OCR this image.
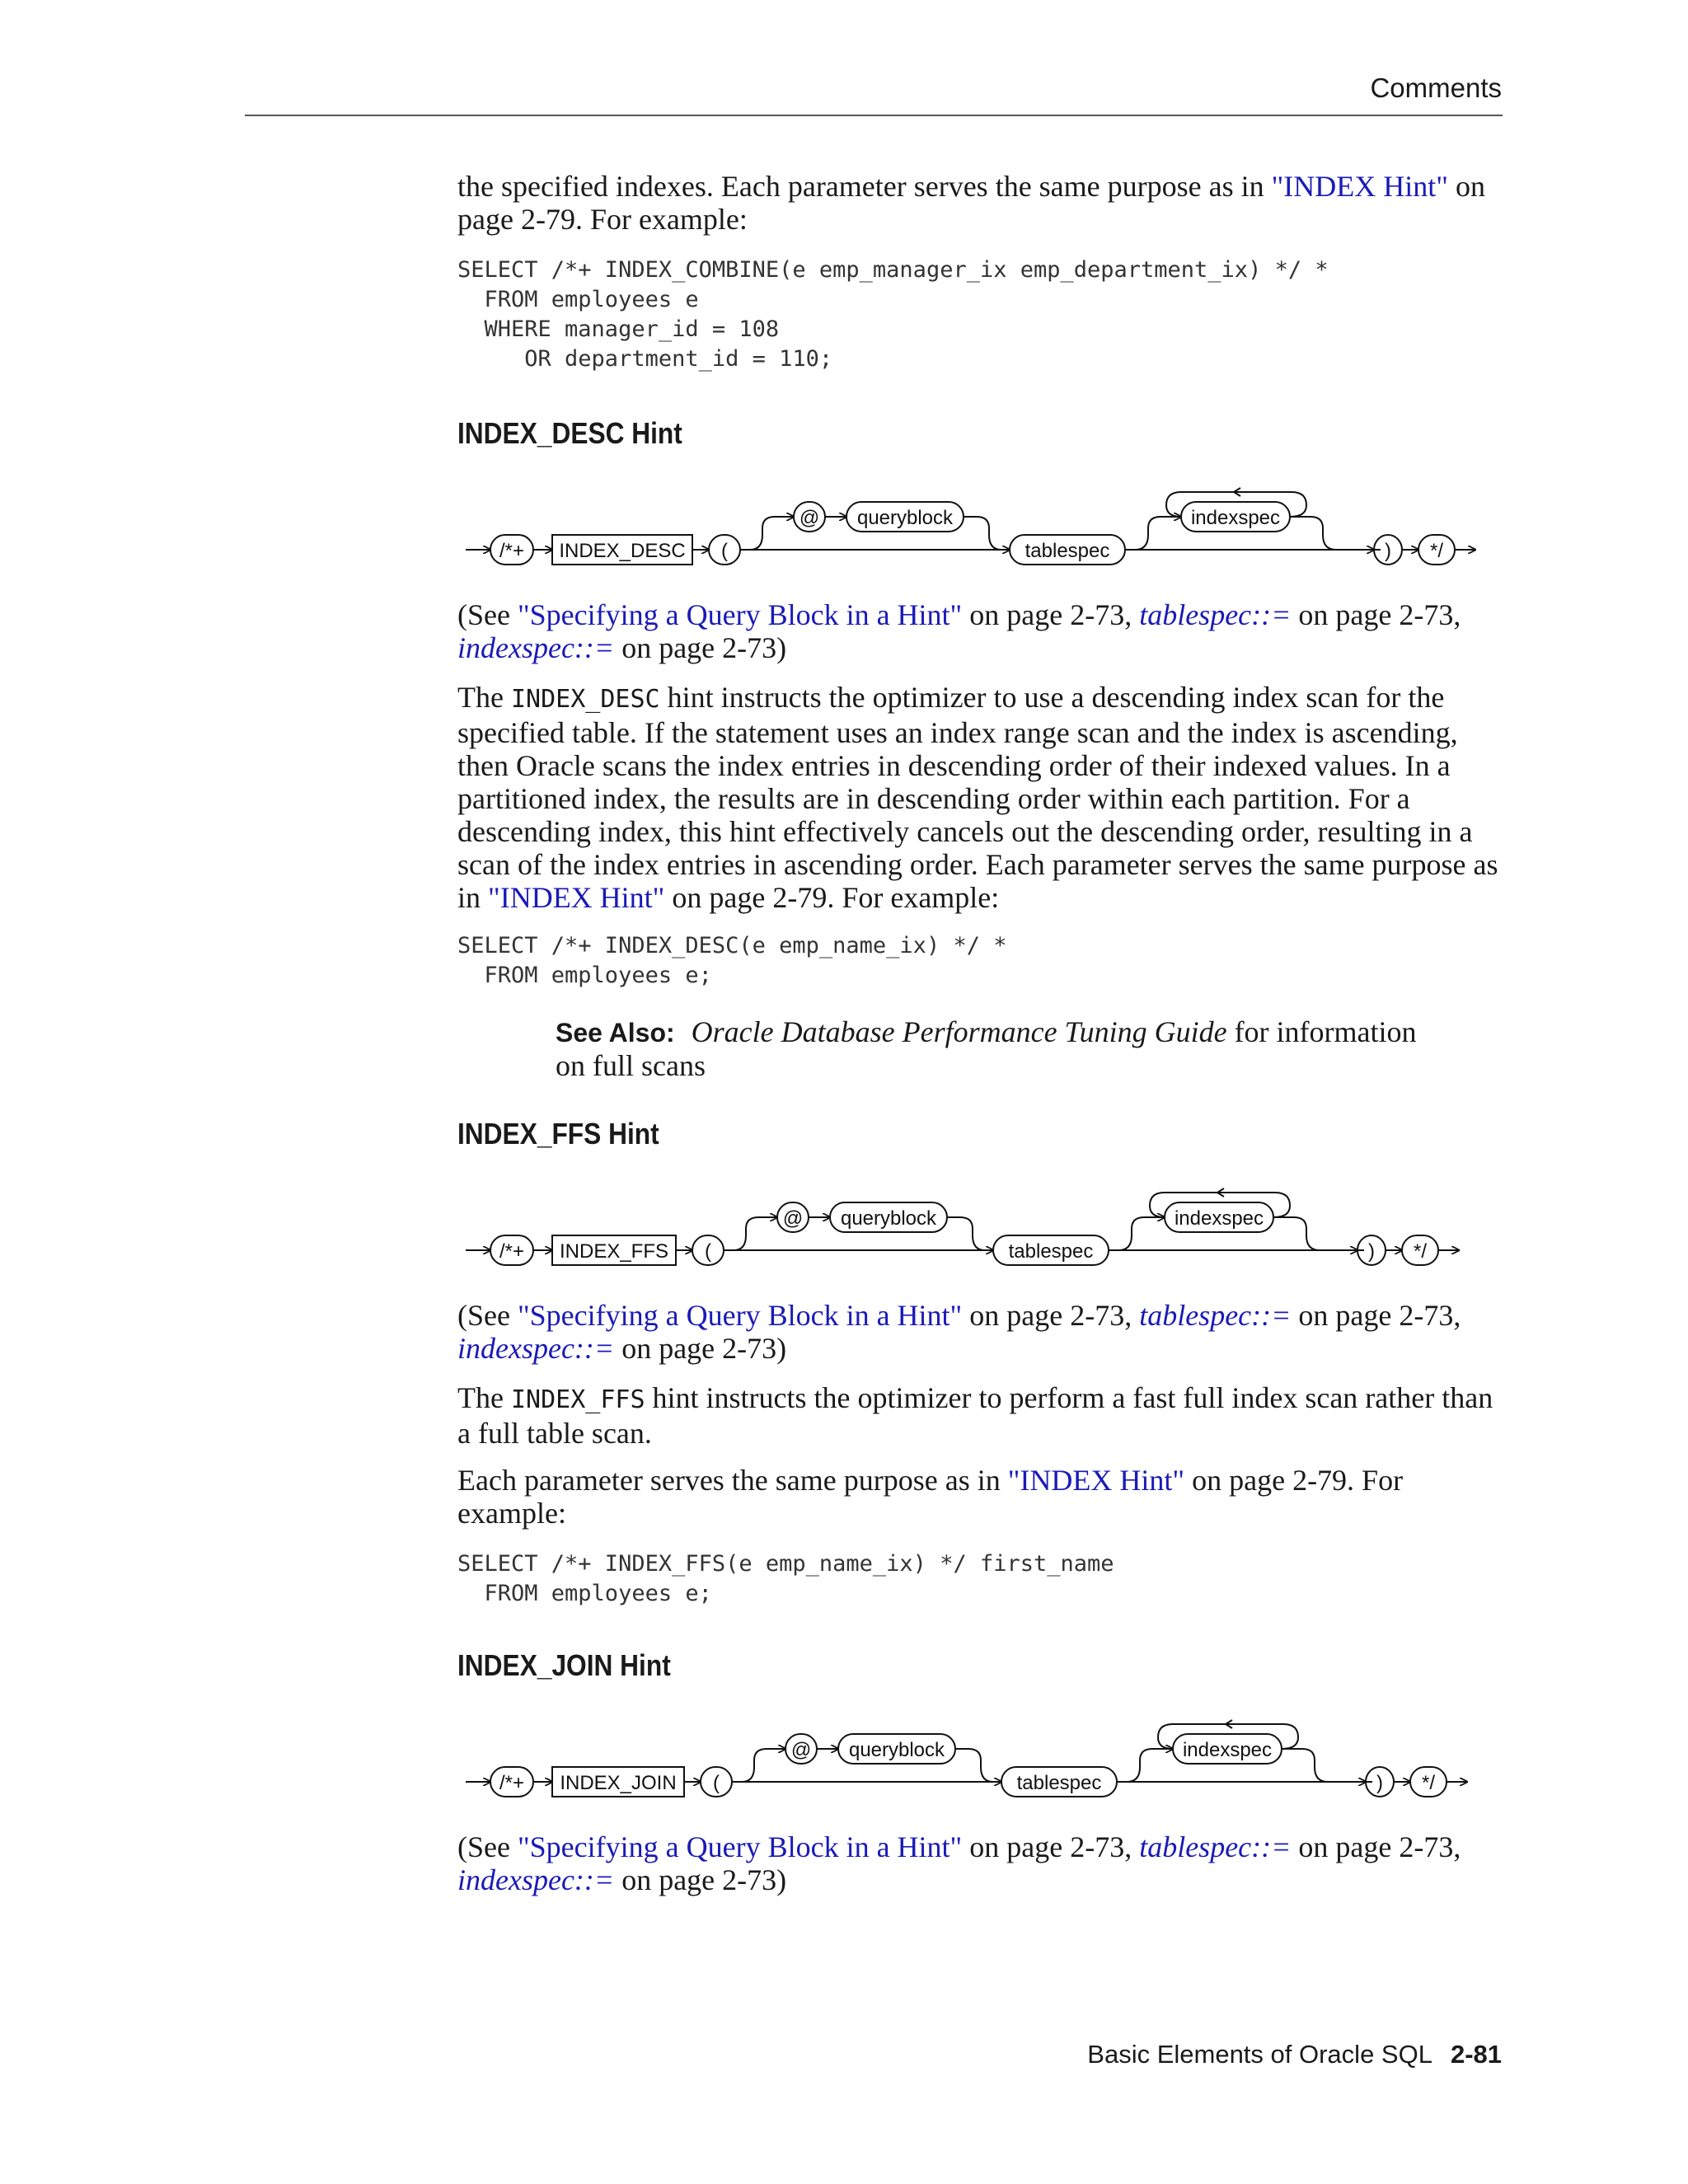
Comments

the specified indexes. Each parameter serves the same purpose as in "INDEX Hint" on page 2-79. For example:

SELECT /*+ INDEX_COMBINE(e emp_manager_ix emp_department_ix) */ *
FROM employees e
WHERE manager_id = 108
OR department_id = 110;
INDEX_DESC Hint
/*+ INDEX_DESC (
@ queryblock
tablespec
indexspec
) */

(See "Specifying a Query Block in a Hint" on page 2-73, tablespec::= on page 2-73,
indexspec::= on page 2-73)

The INDEX_DESC hint instructs the optimizer to use a descending index scan for the specified table. If the statement uses an index range scan and the index is ascending, then Oracle scans the index entries in descending order of their indexed values. In a partitioned index, the results are in descending order within each partition. For a descending index, this hint effectively cancels out the descending order, resulting in a scan of the index entries in ascending order. Each parameter serves the same purpose as in "INDEX Hint" on page 2-79. For example:

SELECT /*+ INDEX_DESC(e emp_name_ix) */ *
FROM employees e;
See Also: Oracle Database Performance Tuning Guide for information on full scans
INDEX_FFS Hint
/*+ INDEX_FFS (
@ queryblock
tablespec
indexspec
) */

(See "Specifying a Query Block in a Hint" on page 2-73, tablespec::= on page 2-73,
indexspec::= on page 2-73)

The INDEX_FFS hint instructs the optimizer to perform a fast full index scan rather than a full table scan.

Each parameter serves the same purpose as in "INDEX Hint" on page 2-79. For example:

SELECT /*+ INDEX_FFS(e emp_name_ix) */ first_name
FROM employees e;
INDEX_JOIN Hint
/*+ INDEX_JOIN (
@ queryblock
tablespec
indexspec
) */

(See "Specifying a Query Block in a Hint" on page 2-73, tablespec::= on page 2-73,
indexspec::= on page 2-73)

Basic Elements of Oracle SQL 2-81
